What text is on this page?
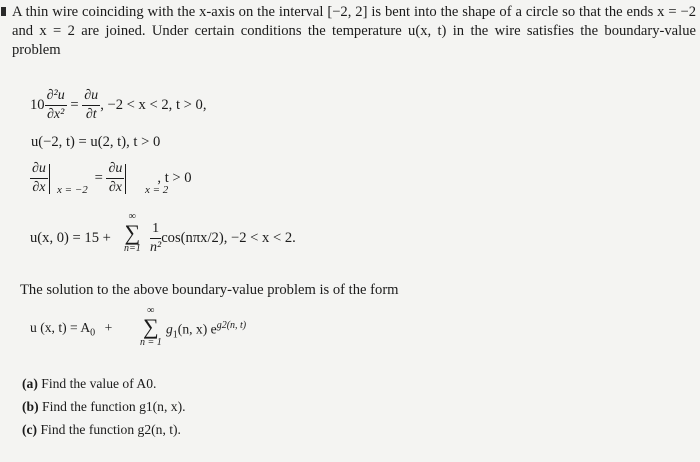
A thin wire coinciding with the x-axis on the interval [−2, 2] is bent into the shape of a circle so that the ends x = −2 and x = 2 are joined. Under certain conditions the temperature u(x, t) in the wire satisfies the boundary-value problem
$10 \frac{\text{∂²u}}{\text{∂x²}} = \frac{\partial u}{\partial t}$ , −2 < x < 2, t > 0,
u(−2, t) = u(2, t), t > 0
$\frac{\partial u}{\partial x}$	= $\frac{\partial u}{\partial x}$ , t > 0
x = −2	x = 2
u(x, 0) = 15 +
∞
∑
$n=1 \frac{1}{\text{n²}} \cos(n\pi x/2)$, −2 < x < 2.
The solution to the above boundary-value problem is of the form
u (x, $t) = A_0$ +
∞
∑
n = 1
$g_1(n$, x) $e^{g2(n, t)}$
(a) Find the value of A0.
(b) Find the function g1(n, x).
(c) Find the function g2(n, t).
